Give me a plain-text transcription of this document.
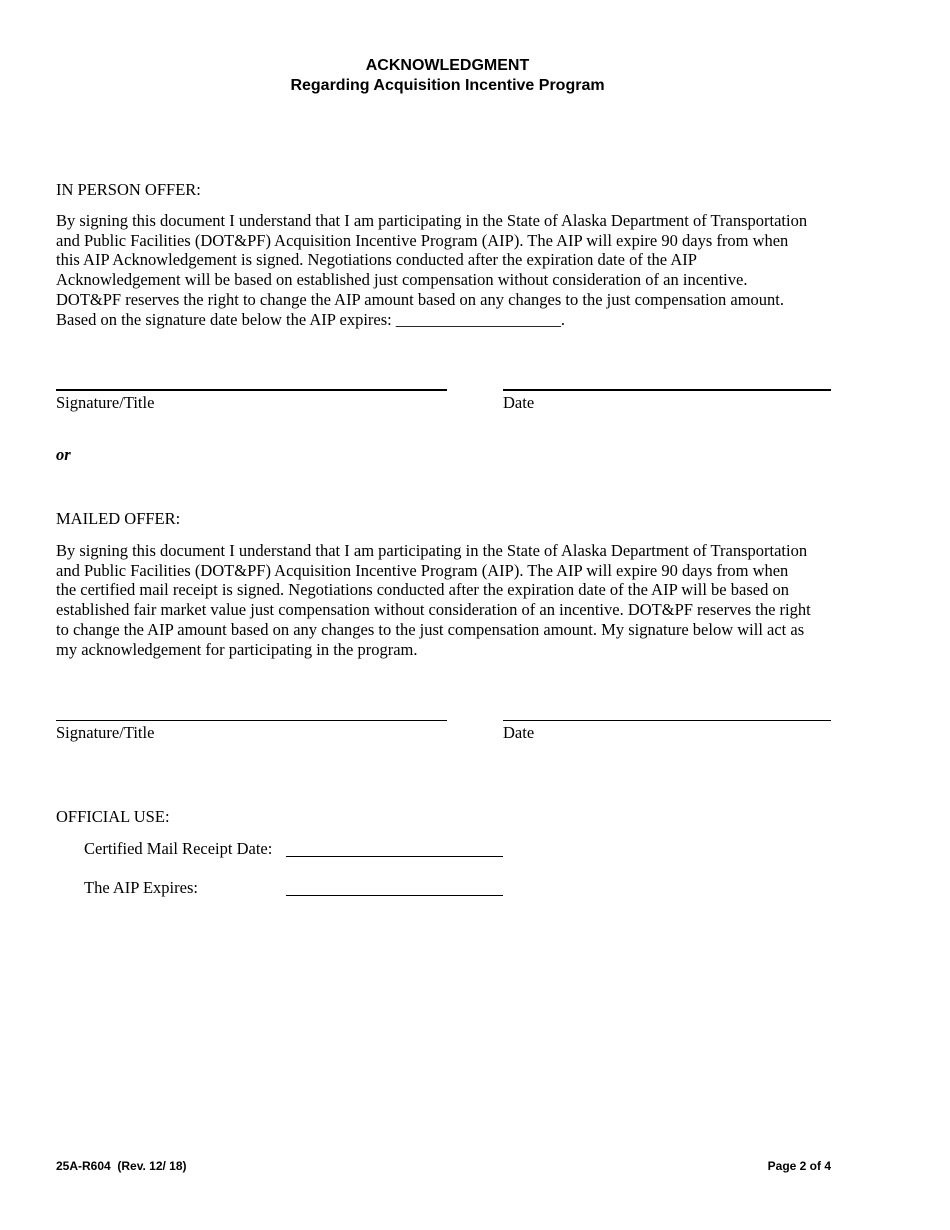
ACKNOWLEDGMENT
Regarding Acquisition Incentive Program
IN PERSON OFFER:
By signing this document I understand that I am participating in the State of Alaska Department of Transportation
and Public Facilities (DOT&PF) Acquisition Incentive Program (AIP). The AIP will expire 90 days from when
this AIP Acknowledgement is signed. Negotiations conducted after the expiration date of the AIP
Acknowledgement will be based on established just compensation without consideration of an incentive.
DOT&PF reserves the right to change the AIP amount based on any changes to the just compensation amount.
Based on the signature date below the AIP expires: ____________________.
Signature/Title	Date
or
MAILED OFFER:
By signing this document I understand that I am participating in the State of Alaska Department of Transportation
and Public Facilities (DOT&PF) Acquisition Incentive Program (AIP). The AIP will expire 90 days from when
the certified mail receipt is signed. Negotiations conducted after the expiration date of the AIP will be based on
established fair market value just compensation without consideration of an incentive. DOT&PF reserves the right
to change the AIP amount based on any changes to the just compensation amount. My signature below will act as
my acknowledgement for participating in the program.
Signature/Title	Date
OFFICIAL USE:
Certified Mail Receipt Date:
The AIP Expires:
25A-R604  (Rev. 12/ 18)	Page 2 of 4
